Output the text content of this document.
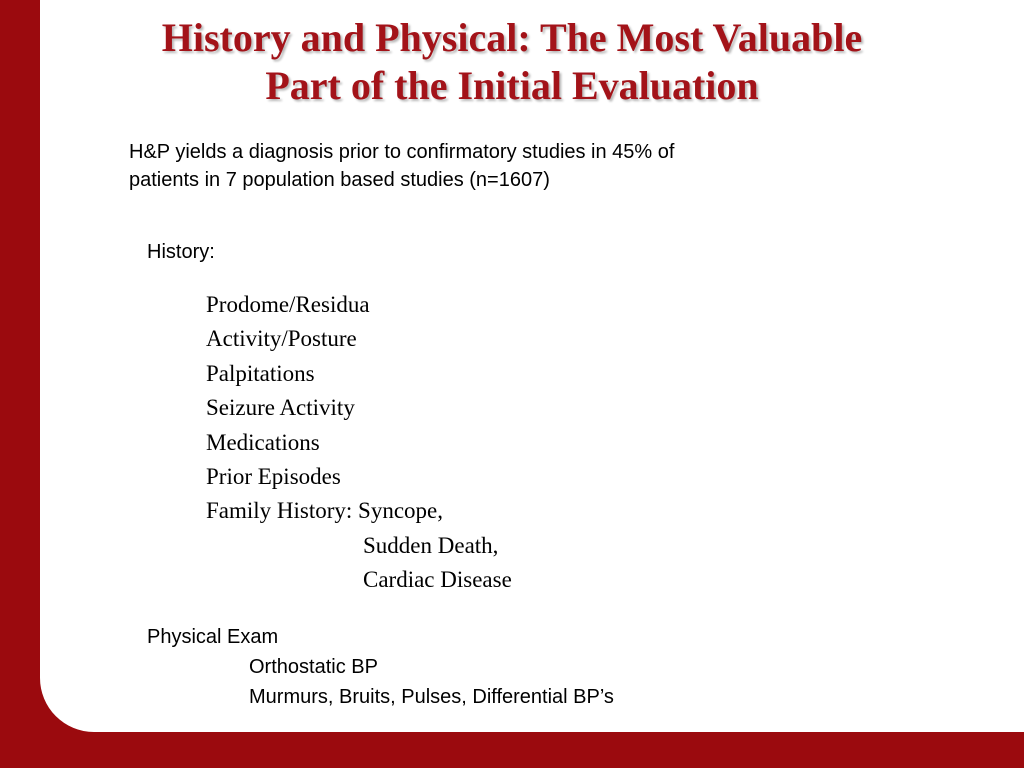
History and Physical: The Most Valuable
Part of the Initial Evaluation
H&P yields a diagnosis prior to confirmatory studies in 45% of
patients in 7 population based studies (n=1607)
History:
Prodome/Residua
Activity/Posture
Palpitations
Seizure Activity
Medications
Prior Episodes
Family History: Syncope,
Sudden Death,
Cardiac Disease
Physical Exam
Orthostatic BP
Murmurs, Bruits, Pulses, Differential BP’s
